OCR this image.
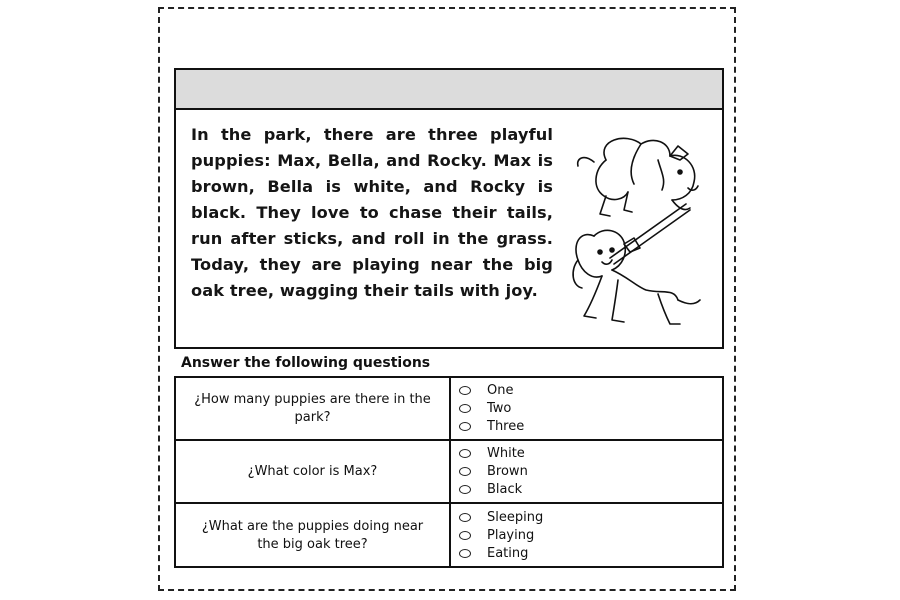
In the park, there are three playful puppies: Max, Bella, and Rocky. Max is brown, Bella is white, and Rocky is black. They love to chase their tails, run after sticks, and roll in the grass. Today, they are playing near the big oak tree, wagging their tails with joy.
Answer the following questions
¿How many puppies are there in the park?
One
Two
Three
¿What color is Max?
White
Brown
Black
¿What are the puppies doing near the big oak tree?
Sleeping
Playing
Eating
